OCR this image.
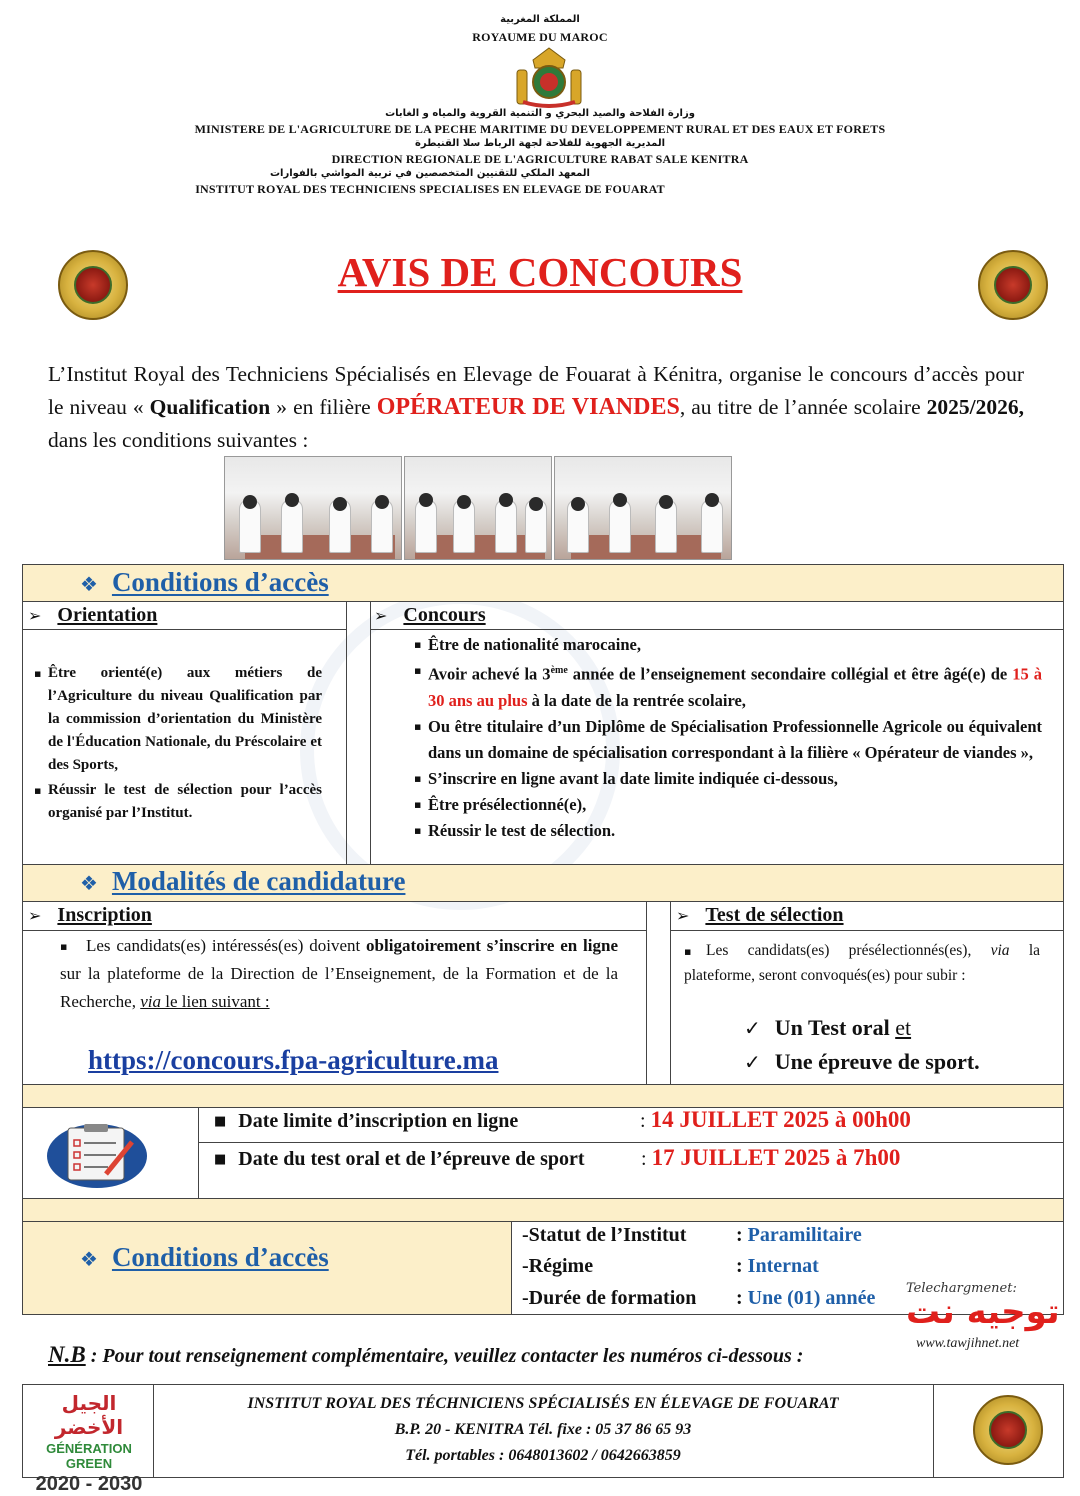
المملكة المغربية
ROYAUME DU MAROC
وزارة الفلاحة والصيد البحري و التنمية القروية والمياه و الغابات
MINISTERE DE L'AGRICULTURE DE LA PECHE MARITIME DU DEVELOPPEMENT RURAL ET DES EAUX ET FORETS
المديرية الجهوية للفلاحة لجهة الرباط سلا القنيطرة
DIRECTION REGIONALE DE L'AGRICULTURE RABAT SALE KENITRA
المعهد الملكي للتقنيين المتخصصين في تربية المواشي بالفوارات
INSTITUT ROYAL DES TECHNICIENS SPECIALISES EN ELEVAGE DE FOUARAT
AVIS DE CONCOURS
L’Institut Royal des Techniciens Spécialisés en Elevage de Fouarat à Kénitra, organise le concours d’accès pour le niveau « Qualification » en filière OPÉRATEUR DE VIANDES, au titre de l’année scolaire 2025/2026, dans les conditions suivantes :
❖ Conditions d’accès
➢ Orientation
▪ Être orienté(e) aux métiers de l’Agriculture du niveau Qualification par la commission d’orientation du Ministère de l'Éducation Nationale, du Préscolaire et des Sports,
▪ Réussir le test de sélection pour l’accès organisé par l’Institut.
➢ Concours
▪ Être de nationalité marocaine,
▪ Avoir achevé la 3ème année de l’enseignement secondaire collégial et être âgé(e) de 15 à 30 ans au plus à la date de la rentrée scolaire,
▪ Ou être titulaire d’un Diplôme de Spécialisation Professionnelle Agricole ou équivalent dans un domaine de spécialisation correspondant à la filière « Opérateur de viandes »,
▪ S’inscrire en ligne avant la date limite indiquée ci-dessous,
▪ Être présélectionné(e),
▪ Réussir le test de sélection.
❖ Modalités de candidature
➢ Inscription
▪ Les candidats(es) intéressés(es) doivent obligatoirement s’inscrire en ligne sur la plateforme de la Direction de l’Enseignement, de la Formation et de la Recherche, via le lien suivant :
https://concours.fpa-agriculture.ma
➢ Test de sélection
▪ Les candidats(es) présélectionnés(es), via la plateforme, seront convoqués(es) pour subir :
✓ Un Test oral et
✓ Une épreuve de sport.
■ Date limite d’inscription en ligne	: 14 JUILLET 2025 à 00h00
■ Date du test oral et de l’épreuve de sport	: 17 JUILLET 2025 à 7h00
❖ Conditions d’accès
-Statut de l’Institut : Paramilitaire
-Régime	: Internat
-Durée de formation : Une (01) année Telechargmenet:
توجيه نت
www.tawjihnet.net
N.B : Pour tout renseignement complémentaire, veuillez contacter les numéros ci-dessous :
الجيل الأخضر
GÉNÉRATION GREEN
2020 - 2030
INSTITUT ROYAL DES TÉCHNICIENS SPÉCIALISÉS EN ÉLEVAGE DE FOUARAT
B.P. 20 - KENITRA Tél. fixe : 05 37 86 65 93
Tél. portables : 0648013602 / 0642663859
